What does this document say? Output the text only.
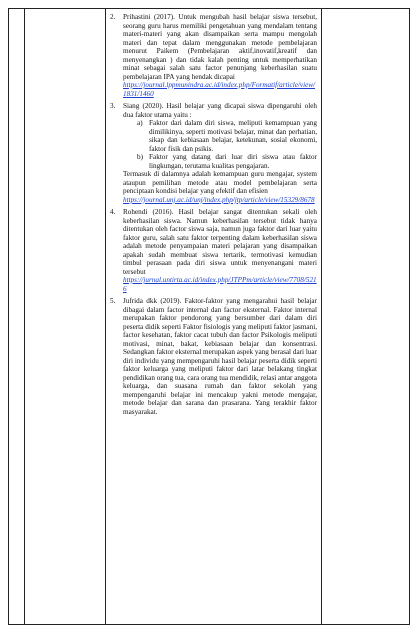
2. Prihastini (2017). Untuk mengubah hasil belajar siswa tersebut, seorang guru harus memiliki pengetahuan yang mendalam tentang materi-materi yang akan disampaikan serta mampu mengolah materi dan tepat dalam menggunakan metode pembelajaran menurut Paikem (Pembelajaran aktif,inovatif,kreatif dan menyenangkan ) dan tidak kalah penting untuk memperhatikan minat sebagai salah satu factor penunjang keberhasilan suatu pembelajaran IPA yang hendak dicapai

https://journal.lppmunindra.ac.id/index.php/Formatif/article/view/1831/1460
3. Siang (2020). Hasil belajar yang dicapai siswa dipengaruhi oleh dua faktor utama yaitu :

a) Faktor dari dalam diri siswa, meliputi kemampuan yang dimilikinya, seperti motivasi belajar, minat dan perhatian, sikap dan kebiasaan belajar, ketekunan, sosial ekonomi, faktor fisik dan psikis.
b) Faktor yang datang dari luar diri siswa atau faktor lingkungan, terutama kualitas pengajaran.

Termasuk di dalamnya adalah kemampuan guru mengajar, system ataupun pemilihan metode atau model pembelajaran serta penciptaan kondisi belajar yang efektif dan efisien

https://journal.unj.ac.id/unj/index.php/jtp/article/view/15329/8678
4. Rohendi (2016). Hasil belajar sangat ditentukan sekali oleh keberhasilan siswa. Namun keberhasilan tersebut tidak hanya ditentukan oleh factor siswa saja, namun juga faktor dari luar yaitu faktor guru, salah satu faktor terpenting dalam keberhasilan siswa adalah metode penyampaian materi pelajaran yang disampaikan apakah sudah membuat siswa tertarik, termotivasi kemudian timbul perasaan pada diri siswa untuk menyenangani materi tersebut

https://jurnal.untirta.ac.id/index.php/JTPPm/article/view/7708/5216
5. Jufrida dkk (2019). Faktor-faktor yang mengarahui hasil belajar dibagai dalam factor internal dan factor eksternal. Faktor internal merupakan faktor pendorong yang bersumber dari dalam diri peserta didik seperti Faktor fisiologis yang meliputi faktor jasmani, factor kesehatan, faktor cacat tubuh dan factor Psikologis meliputi motivasi, minat, bakat, kebiasaan belajar dan konsentrasi. Sedangkan faktor eksternal merupakan aspek yang berasal dari luar diri individu yang mempengaruhi hasil belajar peserta didik seperti faktor keluarga yang meliputi faktor dari latar belakang tingkat pendidikan orang tua, cara orang tua mendidik, relasi antar anggota keluarga, dan suasana rumah dan faktor sekolah yang mempengaruhi belajar ini mencakup yakni metode mengajar, metode belajar dan sarana dan prasarana. Yang terakhir faktor masyarakat.
